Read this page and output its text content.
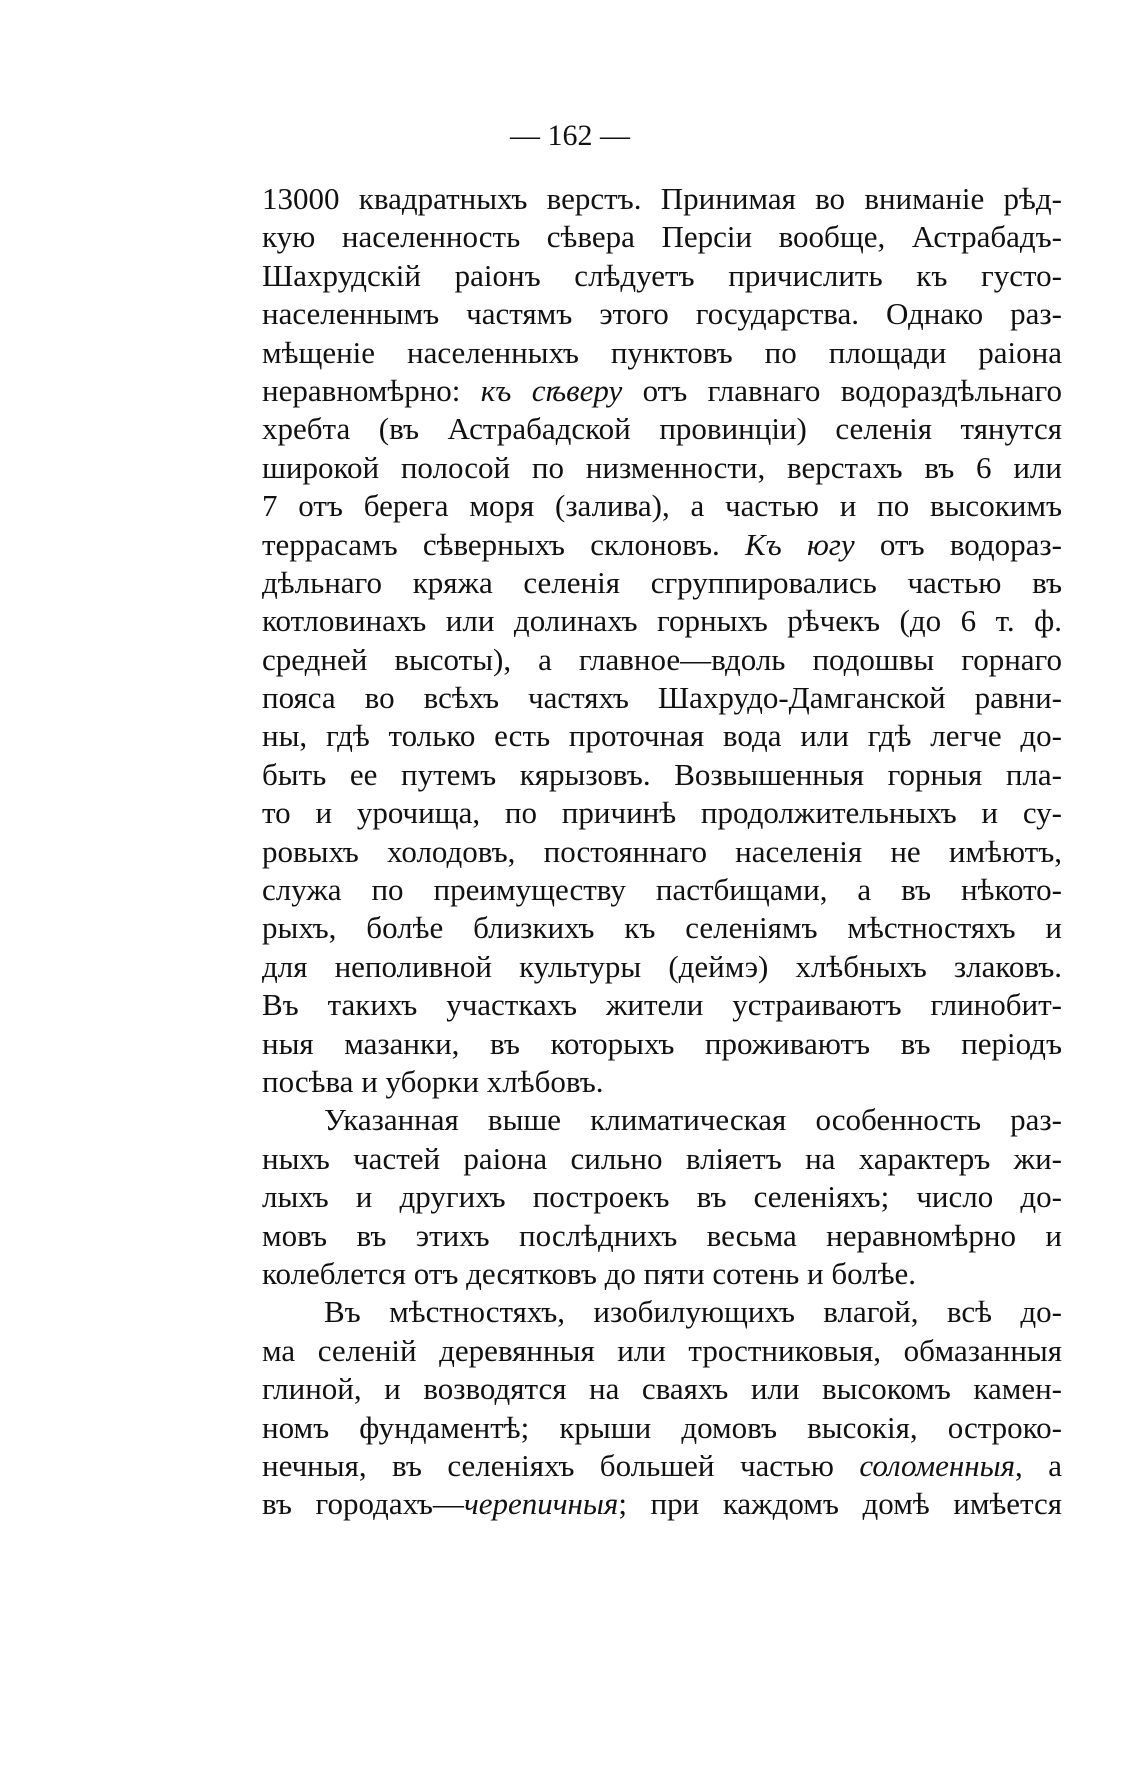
— 162 —
13000 квадратныхъ верстъ. Принимая во вниманіе рѣд-
кую населенность сѣвера Персіи вообще, Астрабадъ-
Шахрудскій раіонъ слѣдуетъ причислить къ густо-
населеннымъ частямъ этого государства. Однако раз-
мѣщеніе населенныхъ пунктовъ по площади раіона
неравномѣрно: къ сѣверу отъ главнаго водораздѣльнаго
хребта (въ Астрабадской провинціи) селенія тянутся
широкой полосой по низменности, верстахъ въ 6 или
7 отъ берега моря (залива), а частью и по высокимъ
террасамъ сѣверныхъ склоновъ. Къ югу отъ водораз-
дѣльнаго кряжа селенія сгруппировались частью въ
котловинахъ или долинахъ горныхъ рѣчекъ (до 6 т. ф.
средней высоты), а главное—вдоль подошвы горнаго
пояса во всѣхъ частяхъ Шахрудо-Дамганской равни-
ны, гдѣ только есть проточная вода или гдѣ легче до-
быть ее путемъ кярызовъ. Возвышенныя горныя пла-
то и урочища, по причинѣ продолжительныхъ и су-
ровыхъ холодовъ, постояннаго населенія не имѣютъ,
служа по преимуществу пастбищами, а въ нѣкото-
рыхъ, болѣе близкихъ къ селеніямъ мѣстностяхъ и
для неполивной культуры (деймэ) хлѣбныхъ злаковъ.
Въ такихъ участкахъ жители устраиваютъ глинобит-
ныя мазанки, въ которыхъ проживаютъ въ періодъ
посѣва и уборки хлѣбовъ.
Указанная выше климатическая особенность раз-
ныхъ частей раіона сильно вліяетъ на характеръ жи-
лыхъ и другихъ построекъ въ селеніяхъ; число до-
мовъ въ этихъ послѣднихъ весьма неравномѣрно и
колеблется отъ десятковъ до пяти сотень и болѣе.
Въ мѣстностяхъ, изобилующихъ влагой, всѣ до-
ма селеній деревянныя или тростниковыя, обмазанныя
глиной, и возводятся на сваяхъ или высокомъ камен-
номъ фундаментѣ; крыши домовъ высокія, остроко-
нечныя, въ селеніяхъ большей частью соломенныя, а
въ городахъ—черепичныя; при каждомъ домѣ имѣется
